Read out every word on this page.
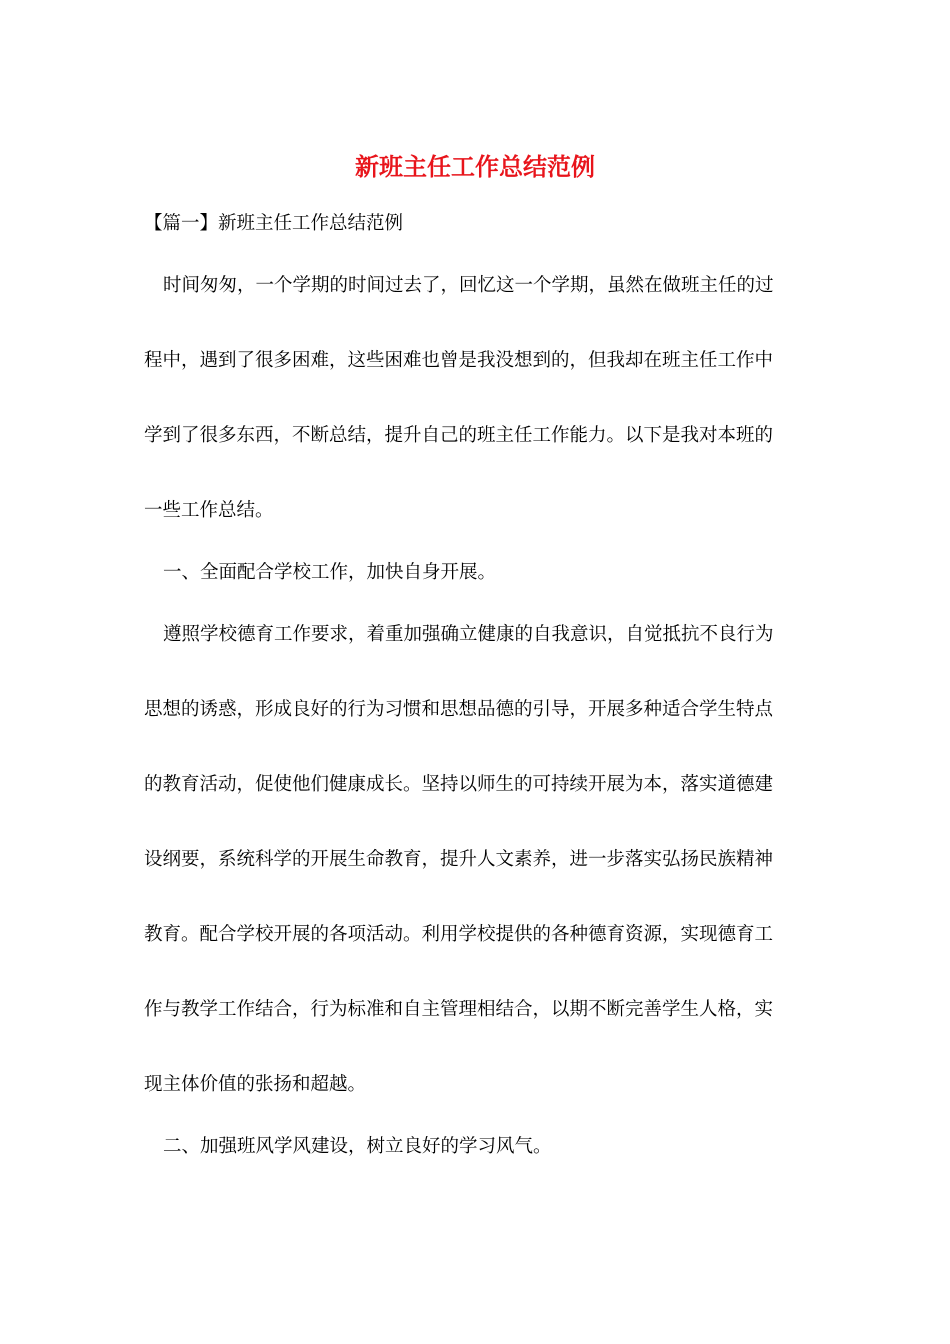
新班主任工作总结范例

【篇一】新班主任工作总结范例

时间匆匆，一个学期的时间过去了，回忆这一个学期，虽然在做班主任的过

程中，遇到了很多困难，这些困难也曾是我没想到的，但我却在班主任工作中

学到了很多东西，不断总结，提升自己的班主任工作能力。以下是我对本班的

一些工作总结。

一、全面配合学校工作，加快自身开展。

遵照学校德育工作要求，着重加强确立健康的自我意识，自觉抵抗不良行为

思想的诱惑，形成良好的行为习惯和思想品德的引导，开展多种适合学生特点

的教育活动，促使他们健康成长。坚持以师生的可持续开展为本，落实道德建

设纲要，系统科学的开展生命教育，提升人文素养，进一步落实弘扬民族精神

教育。配合学校开展的各项活动。利用学校提供的各种德育资源，实现德育工

作与教学工作结合，行为标准和自主管理相结合，以期不断完善学生人格，实

现主体价值的张扬和超越。

二、加强班风学风建设，树立良好的学习风气。
